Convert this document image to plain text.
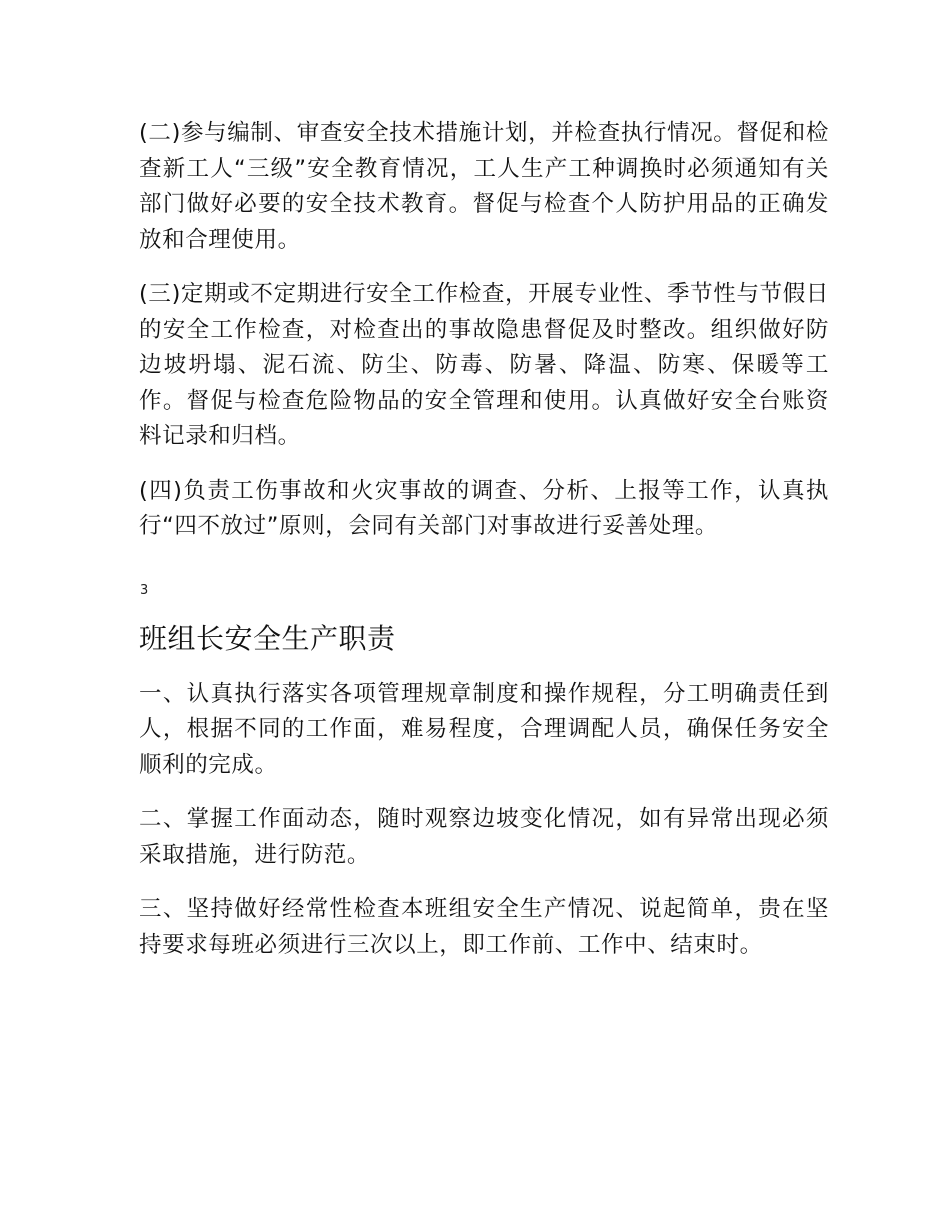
(二)参与编制、审查安全技术措施计划，并检查执行情况。督促和检查新工人“三级”安全教育情况，工人生产工种调换时必须通知有关部门做好必要的安全技术教育。督促与检查个人防护用品的正确发放和合理使用。

(三)定期或不定期进行安全工作检查，开展专业性、季节性与节假日的安全工作检查，对检查出的事故隐患督促及时整改。组织做好防边坡坍塌、泥石流、防尘、防毒、防暑、降温、防寒、保暖等工作。督促与检查危险物品的安全管理和使用。认真做好安全台账资料记录和归档。

(四)负责工伤事故和火灾事故的调查、分析、上报等工作，认真执行“四不放过”原则，会同有关部门对事故进行妥善处理。

3
班组长安全生产职责

一、认真执行落实各项管理规章制度和操作规程，分工明确责任到人，根据不同的工作面，难易程度，合理调配人员，确保任务安全顺利的完成。

二、掌握工作面动态，随时观察边坡变化情况，如有异常出现必须采取措施，进行防范。

三、坚持做好经常性检查本班组安全生产情况、说起简单，贵在坚持要求每班必须进行三次以上，即工作前、工作中、结束时。
